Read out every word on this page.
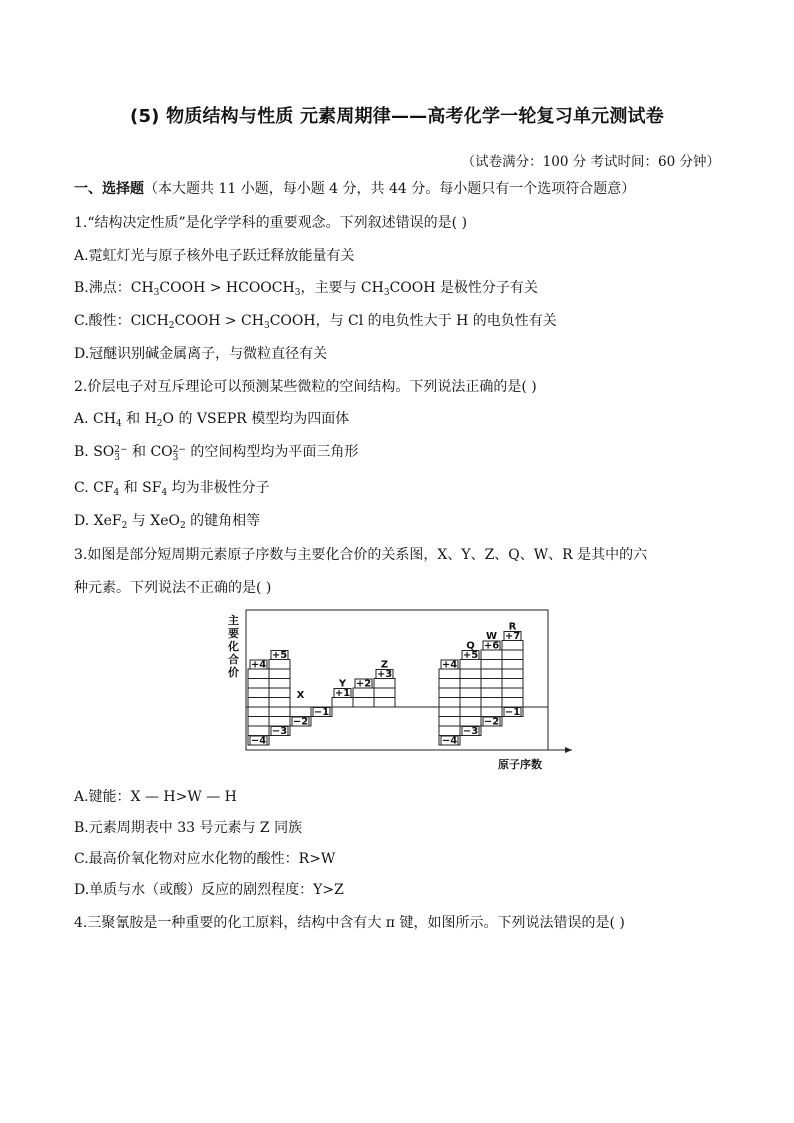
(5) 物质结构与性质 元素周期律——高考化学一轮复习单元测试卷
（试卷满分：100 分 考试时间：60 分钟）
一、选择题（本大题共 11 小题，每小题 4 分，共 44 分。每小题只有一个选项符合题意）
1.“结构决定性质”是化学学科的重要观念。下列叙述错误的是( )
A.霓虹灯光与原子核外电子跃迁释放能量有关
B.沸点：$CH_3COOH$ > $HCOOCH_3$，主要与 $CH_3COOH$ 是极性分子有关
C.酸性：ClCH$_2$COOH > $CH_3COOH$，与 Cl 的电负性大于 H 的电负性有关
D.冠醚识别碱金属离子，与微粒直径有关
2.价层电子对互斥理论可以预测某些微粒的空间结构。下列说法正确的是( )
A. $CH_4$ 和 $H_2O$ 的 VSEPR 模型均为四面体
B. SO 2−
3 和 CO 2−
3 的空间构型均为平面三角形
C. $CF_4$ 和 $SF_4$ 均为非极性分子
D. XeF$_2$ 与 XeO$_2$ 的键角相等
3.如图是部分短周期元素原子序数与主要化合价的关系图，X、Y、Z、Q、W、R 是其中的六
种元素。下列说法不正确的是( )
主要化合价
+4
−4
+5
−3
−2
X
−1
+1
Y +2
+3
Z	+4
−4
+5
−3
Q +6
−2
W +7
−1
R
原子序数
A.键能：X — H>W — H
B.元素周期表中 33 号元素与 Z 同族
C.最高价氧化物对应水化物的酸性：R>W
D.单质与水（或酸）反应的剧烈程度：Y>Z
4.三聚氰胺是一种重要的化工原料，结构中含有大 π 键，如图所示。下列说法错误的是( )
